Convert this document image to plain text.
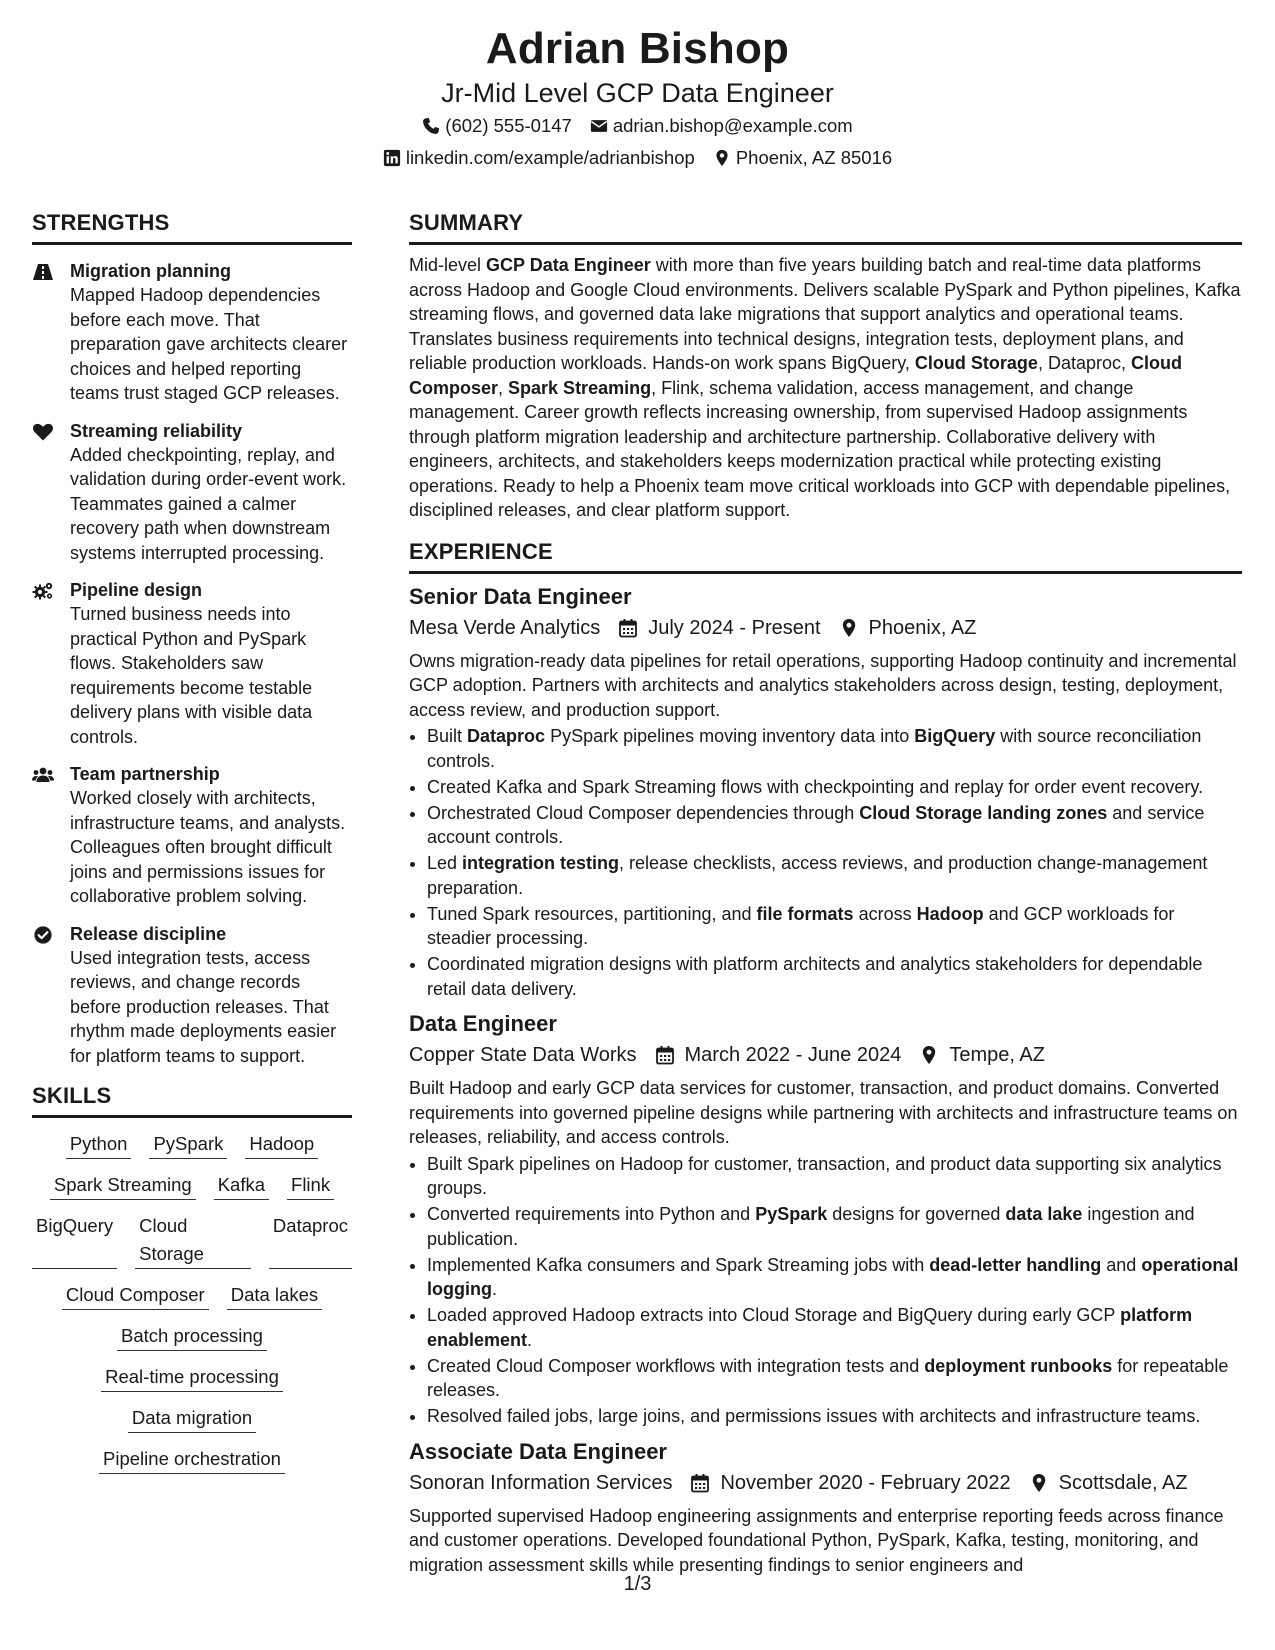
Adrian Bishop
Jr-Mid Level GCP Data Engineer
(602) 555-0147 adrian.bishop@example.com
linkedin.com/example/adrianbishop Phoenix, AZ 85016
STRENGTHS
Migration planning
Mapped Hadoop dependencies before each move. That preparation gave architects clearer choices and helped reporting teams trust staged GCP releases.
Streaming reliability
Added checkpointing, replay, and validation during order-event work. Teammates gained a calmer recovery path when downstream systems interrupted processing.
Pipeline design
Turned business needs into practical Python and PySpark flows. Stakeholders saw requirements become testable delivery plans with visible data controls.
Team partnership
Worked closely with architects, infrastructure teams, and analysts. Colleagues often brought difficult joins and permissions issues for collaborative problem solving.
Release discipline
Used integration tests, access reviews, and change records before production releases. That rhythm made deployments easier for platform teams to support.
SKILLS
Python PySpark Hadoop
Spark Streaming Kafka Flink
BigQuery Cloud Storage
Dataproc
Cloud Composer Data lakes
Batch processing
Real-time processing
Data migration
Pipeline orchestration
SUMMARY
Mid-level GCP Data Engineer with more than five years building batch and real-time data platforms across Hadoop and Google Cloud environments. Delivers scalable PySpark and Python pipelines, Kafka streaming flows, and governed data lake migrations that support analytics and operational teams. Translates business requirements into technical designs, integration tests, deployment plans, and reliable production workloads. Hands-on work spans BigQuery, Cloud Storage, Dataproc, Cloud Composer, Spark Streaming, Flink, schema validation, access management, and change management. Career growth reflects increasing ownership, from supervised Hadoop assignments through platform migration leadership and architecture partnership. Collaborative delivery with engineers, architects, and stakeholders keeps modernization practical while protecting existing operations. Ready to help a Phoenix team move critical workloads into GCP with dependable pipelines, disciplined releases, and clear platform support.
EXPERIENCE
Senior Data Engineer
Mesa Verde Analytics July 2024 - Present Phoenix, AZ
Owns migration-ready data pipelines for retail operations, supporting Hadoop continuity and incremental GCP adoption. Partners with architects and analytics stakeholders across design, testing, deployment, access review, and production support.
• Built Dataproc PySpark pipelines moving inventory data into BigQuery with source reconciliation controls.
• Created Kafka and Spark Streaming flows with checkpointing and replay for order event recovery.
• Orchestrated Cloud Composer dependencies through Cloud Storage landing zones and service account controls.
• Led integration testing, release checklists, access reviews, and production change-management preparation.
• Tuned Spark resources, partitioning, and file formats across Hadoop and GCP workloads for steadier processing.
• Coordinated migration designs with platform architects and analytics stakeholders for dependable retail data delivery.
Data Engineer
Copper State Data Works March 2022 - June 2024 Tempe, AZ
Built Hadoop and early GCP data services for customer, transaction, and product domains. Converted requirements into governed pipeline designs while partnering with architects and infrastructure teams on releases, reliability, and access controls.
• Built Spark pipelines on Hadoop for customer, transaction, and product data supporting six analytics groups.
• Converted requirements into Python and PySpark designs for governed data lake ingestion and publication.
• Implemented Kafka consumers and Spark Streaming jobs with dead-letter handling and operational logging.
• Loaded approved Hadoop extracts into Cloud Storage and BigQuery during early GCP platform enablement.
• Created Cloud Composer workflows with integration tests and deployment runbooks for repeatable releases.
• Resolved failed jobs, large joins, and permissions issues with architects and infrastructure teams.
Associate Data Engineer
Sonoran Information Services November 2020 - February 2022 Scottsdale, AZ
Supported supervised Hadoop engineering assignments and enterprise reporting feeds across finance and customer operations. Developed foundational Python, PySpark, Kafka, testing, monitoring, and migration assessment skills while presenting findings to senior engineers and
1/3
